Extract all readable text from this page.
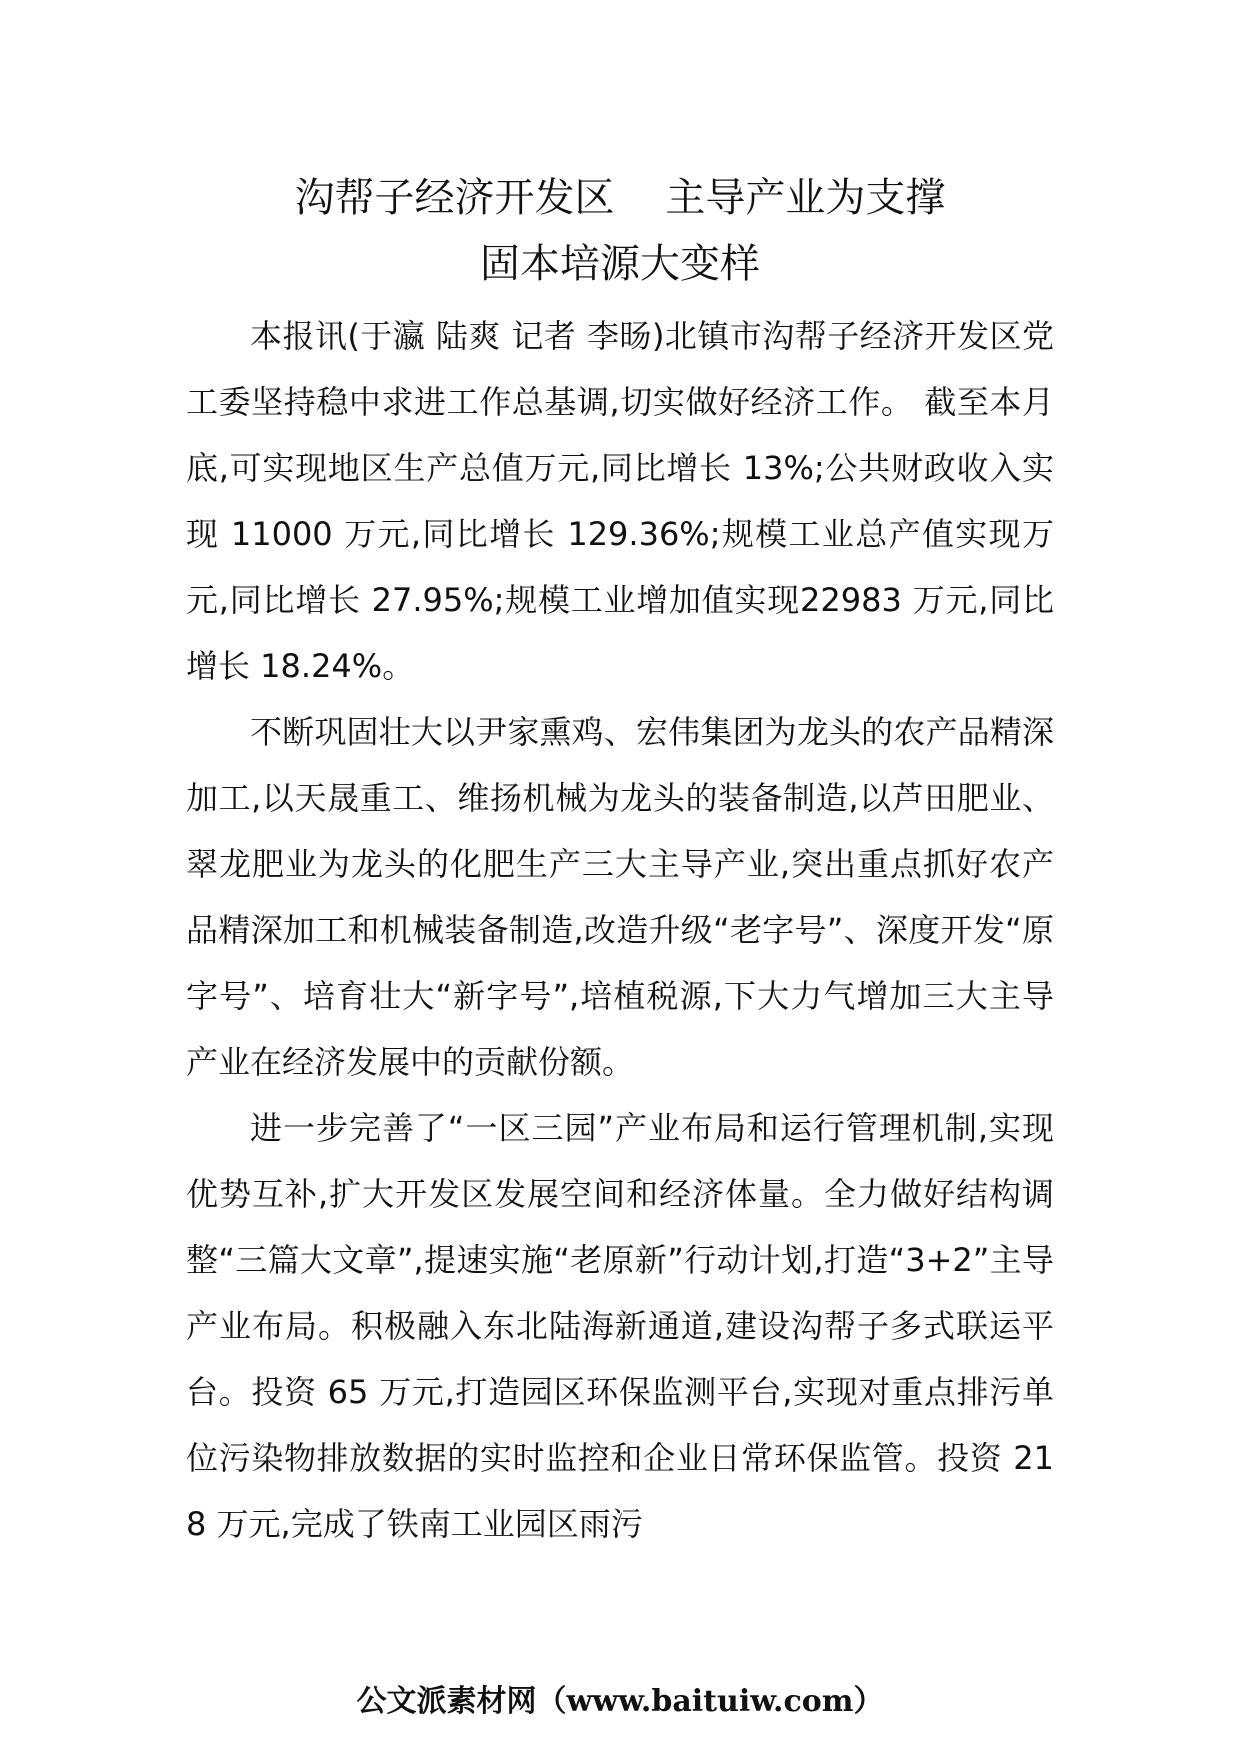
沟帮子经济开发区    主导产业为支撑
固本培源大变样

本报讯(于瀛 陆爽 记者 李旸)北镇市沟帮子经济开发区党工委坚持稳中求进工作总基调,切实做好经济工作。 截至本月底,可实现地区生产总值万元,同比增长 13%;公共财政收入实现 11000 万元,同比增长 129.36%;规模工业总产值实现万元,同比增长 27.95%;规模工业增加值实现22983 万元,同比增长 18.24%。

不断巩固壮大以尹家熏鸡、宏伟集团为龙头的农产品精深加工,以天晟重工、维扬机械为龙头的装备制造,以芦田肥业、翠龙肥业为龙头的化肥生产三大主导产业,突出重点抓好农产品精深加工和机械装备制造,改造升级“老字号”、深度开发“原字号”、培育壮大“新字号”,培植税源,下大力气增加三大主导产业在经济发展中的贡献份额。

进一步完善了“一区三园”产业布局和运行管理机制,实现优势互补,扩大开发区发展空间和经济体量。全力做好结构调整“三篇大文章”,提速实施“老原新”行动计划,打造“3+2”主导产业布局。积极融入东北陆海新通道,建设沟帮子多式联运平台。投资 65 万元,打造园区环保监测平台,实现对重点排污单位污染物排放数据的实时监控和企业日常环保监管。投资 218 万元,完成了铁南工业园区雨污

公文派素材网（www.baituiw.com）
